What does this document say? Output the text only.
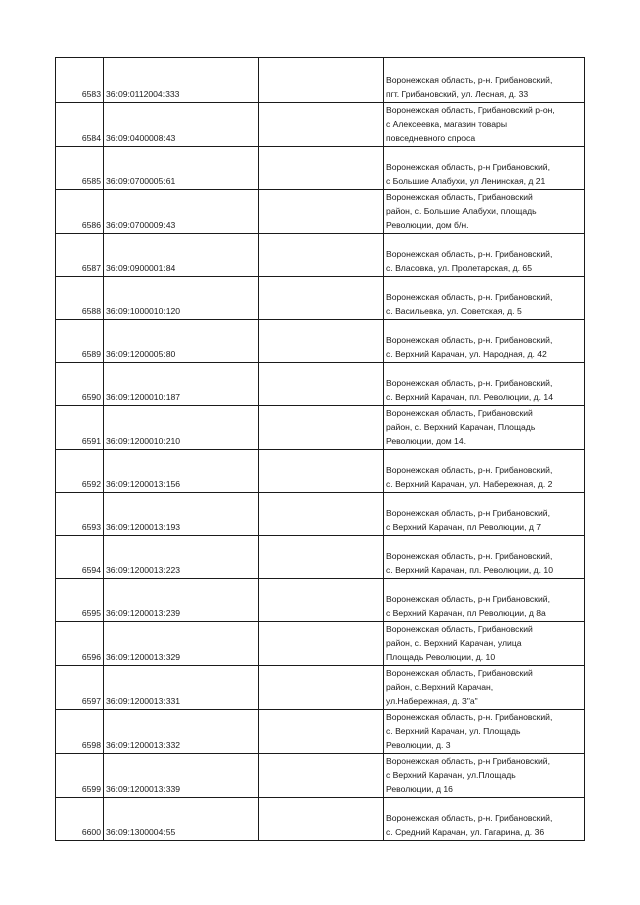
6583	36:09:0112004:333		Воронежская область, р-н. Грибановский,
пгт. Грибановский, ул. Лесная, д. 33
6584	36:09:0400008:43		Воронежская область, Грибановский р-он,
с Алексеевка, магазин товары
повседневного спроса
6585	36:09:0700005:61		Воронежская область, р-н Грибановский,
с Большие Алабухи, ул Ленинская, д 21
6586	36:09:0700009:43		Воронежская область, Грибановский
район, с. Большие Алабухи, площадь
Революции, дом б/н.
6587	36:09:0900001:84		Воронежская область, р-н. Грибановский,
с. Власовка, ул. Пролетарская, д. 65
6588	36:09:1000010:120		Воронежская область, р-н. Грибановский,
с. Васильевка, ул. Советская, д. 5
6589	36:09:1200005:80		Воронежская область, р-н. Грибановский,
с. Верхний Карачан, ул. Народная, д. 42
6590	36:09:1200010:187		Воронежская область, р-н. Грибановский,
с. Верхний Карачан, пл. Революции, д. 14
6591	36:09:1200010:210		Воронежская область, Грибановский
район, с. Верхний Карачан, Площадь
Революции, дом 14.
6592	36:09:1200013:156		Воронежская область, р-н. Грибановский,
с. Верхний Карачан, ул. Набережная, д. 2
6593	36:09:1200013:193		Воронежская область, р-н Грибановский,
с Верхний Карачан, пл Революции, д 7
6594	36:09:1200013:223		Воронежская область, р-н. Грибановский,
с. Верхний Карачан, пл. Революции, д. 10
6595	36:09:1200013:239		Воронежская область, р-н Грибановский,
с Верхний Карачан, пл Революции, д 8а
6596	36:09:1200013:329		Воронежская область, Грибановский
район, с. Верхний Карачан, улица
Площадь Революции, д. 10
6597	36:09:1200013:331		Воронежская область, Грибановский
район, с.Верхний Карачан,
ул.Набережная, д. 3"а"
6598	36:09:1200013:332		Воронежская область, р-н. Грибановский,
с. Верхний Карачан, ул. Площадь
Революции, д. 3
6599	36:09:1200013:339		Воронежская область, р-н Грибановский,
с Верхний Карачан, ул.Площадь
Революции, д 16
6600	36:09:1300004:55		Воронежская область, р-н. Грибановский,
с. Средний Карачан, ул. Гагарина, д. 36
